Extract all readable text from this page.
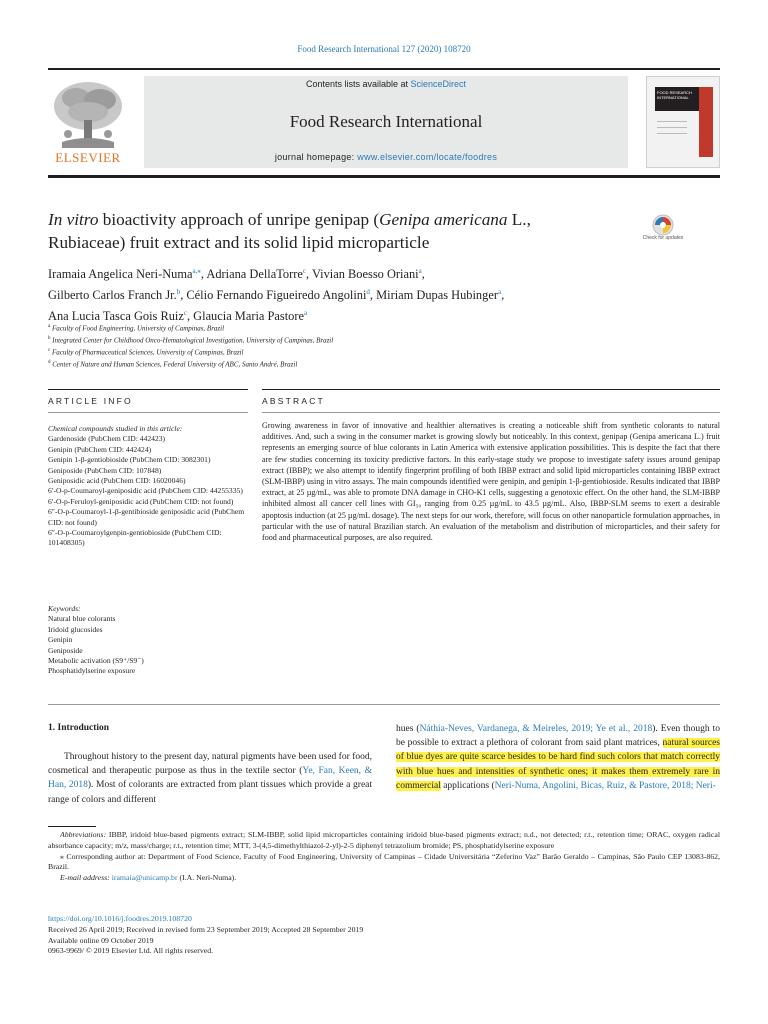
Food Research International 127 (2020) 108720
ELSEVIER
Contents lists available at ScienceDirect
Food Research International
journal homepage: www.elsevier.com/locate/foodres
FOOD RESEARCH INTERNATIONAL
In vitro bioactivity approach of unripe genipap (Genipa americana L., Rubiaceae) fruit extract and its solid lipid microparticle	Check for updates
Iramaia Angelica Neri-Numa$^{a,⁎}$, Adriana DellaTorre$^c$, Vivian Boesso Oriani$^a$,
Gilberto Carlos Franch Jr.$^b$, Célio Fernando Figueiredo Angolini$^d$, Miriam Dupas Hubinger$^a$,
Ana Lucia Tasca Gois Ruiz$^c$, Glaucia Maria Pastore$^a$
$^a$ Faculty of Food Engineering, University of Campinas, Brazil
$^b$ Integrated Center for Childhood Onco-Hematological Investigation, University of Campinas, Brazil
$^c$ Faculty of Pharmaceutical Sciences, University of Campinas, Brazil
$^d$ Center of Nature and Human Sciences, Federal University of ABC, Santo André, Brazil
ARTICLE INFO	ABSTRACT
Chemical compounds studied in this article:
Gardenoside (PubChem CID: 442423)
Genipin (PubChem CID: 442424)
Genipin 1-β-gentiobioside (PubChem CID: 3082301)
Geniposide (PubChem CID: 107848)
Geniposidic acid (PubChem CID: 16020046)
6′-O-p-Coumaroyl-geniposidic acid (PubChem CID: 44255335)
6′-O-p-Feruloyl-geniposidic acid (PubChem CID: not found)
6″-O-p-Coumaroyl-1-β-gentibioside geniposidic acid (PubChem CID: not found)
6″-O-p-Coumaroylgenpin-gentiobioside (PubChem CID: 101408305)
Keywords:
Natural blue colorants
Iridoid glucosides
Genipin
Geniposide
Metabolic activation (S9⁺/S9⁻)
Phosphatidylserine exposure
Growing awareness in favor of innovative and healthier alternatives is creating a noticeable shift from synthetic colorants to natural additives. And, such a swing in the consumer market is growing slowly but noticeably. In this context, genipap (Genipa americana L.) fruit represents an emerging source of blue colorants in Latin America with extensive application possibilities. This is despite the fact that there are few studies concerning its toxicity predictive factors. In this early-stage study we propose to investigate safety issues around genipap extract (IBBP); we also attempt to identify fingerprint profiling of both IBBP extract and solid lipid microparticles containing IBBP extract (SLM-IBBP) using in vitro assays. The main compounds identified were genipin, and genipin 1-β-gentiobioside. Results indicated that IBBP extract, at 25 µg/mL, was able to promote DNA damage in CHO-K1 cells, suggesting a genotoxic effect. On the other hand, the SLM-IBBP inhibited almost all cancer cell lines with GI₅₀ ranging from 0.25 µg/mL to 43.5 µg/mL. Also, IBBP-SLM seems to exert a desirable apoptosis induction (at 25 µg/mL dosage). The next steps for our work, therefore, will focus on other nanoparticle formulation approaches, in particular with the use of natural Brazilian starch. An evaluation of the metabolism and distribution of microparticles, and their safety for food and pharmaceutical purposes, are also required.
1. Introduction
Throughout history to the present day, natural pigments have been used for food, cosmetical and therapeutic purpose as thus in the textile sector (Ye, Fan, Keen, & Han, 2018). Most of colorants are extracted from plant tissues which provide a great range of colors and different
hues (Náthia-Neves, Vardanega, & Meireles, 2019; Ye et al., 2018). Even though to be possible to extract a plethora of colorant from said plant matrices, natural sources of blue dyes are quite scarce besides to be hard find such colors that match correctly with blue hues and intensities of synthetic ones; it makes them extremely rare in commercial applications (Neri-Numa, Angolini, Bicas, Ruiz, & Pastore, 2018; Neri-

Abbreviations: IBBP, iridoid blue-based pigments extract; SLM-IBBP, solid lipid microparticles containing iridoid blue-based pigments extract; n.d., not detected; r.t., retention time; ORAC, oxygen radical absorbance capacity; m/z, mass/charge; r.t., retention time; MTT, 3-(4,5-dimethylthiazol-2-yl)-2-5 diphenyl tetrazolium bromide; PS, phosphatidylserine exposure

⁎ Corresponding author at: Department of Food Science, Faculty of Food Engineering, University of Campinas – Cidade Universitária “Zeferino Vaz” Barão Geraldo – Campinas, São Paulo CEP 13083-862, Brazil.

E-mail address: iramaia@unicamp.br (I.A. Neri-Numa).

https://doi.org/10.1016/j.foodres.2019.108720
Received 26 April 2019; Received in revised form 23 September 2019; Accepted 28 September 2019
Available online 09 October 2019
0963-9969/ © 2019 Elsevier Ltd. All rights reserved.
